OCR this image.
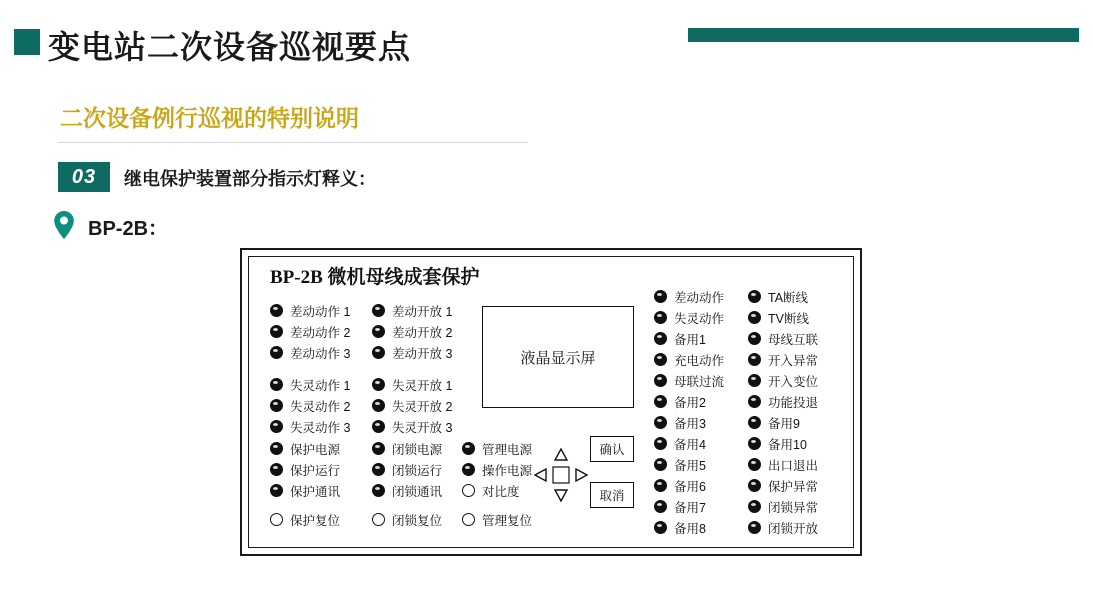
变电站二次设备巡视要点
二次设备例行巡视的特别说明
03	继电保护装置部分指示灯释义：
BP-2B：
BP-2B 微机母线成套保护
差动动作 1
差动动作 2
差动动作 3
失灵动作 1
失灵动作 2
失灵动作 3
差动开放 1
差动开放 2
差动开放 3
失灵开放 1
失灵开放 2
失灵开放 3
保护电源
保护运行
保护通讯
保护复位
闭锁电源
闭锁运行
闭锁通讯
闭锁复位
管理电源
操作电源
对比度
管理复位
液晶显示屏
确认
取消
差动动作
失灵动作
备用1
充电动作
母联过流
备用2
备用3
备用4
备用5
备用6
备用7
备用8
TA断线
TV断线
母线互联
开入异常
开入变位
功能投退
备用9
备用10
出口退出
保护异常
闭锁异常
闭锁开放
